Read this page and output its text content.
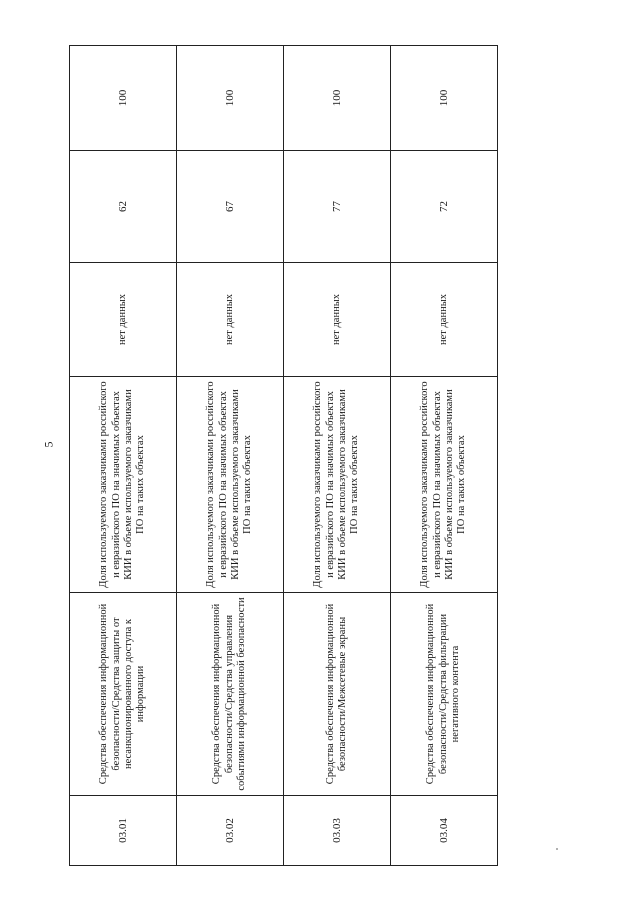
5
03.01	Средства обеспечения информационной безопасности/Средства защиты от несанкционированного доступа к информации	Доля используемого заказчиками российского и евразийского ПО на значимых объектах КИИ в объеме используемого заказчиками ПО на таких объектах	нет данных	62	100
03.02	Средства обеспечения информационной безопасности/Средства управления событиями информационной безопасности	Доля используемого заказчиками российского и евразийского ПО на значимых объектах КИИ в объеме используемого заказчиками ПО на таких объектах	нет данных	67	100
03.03	Средства обеспечения информационной безопасности/Межсетевые экраны	Доля используемого заказчиками российского и евразийского ПО на значимых объектах КИИ в объеме используемого заказчиками ПО на таких объектах	нет данных	77	100
03.04	Средства обеспечения информационной безопасности/Средства фильтрации негативного контента	Доля используемого заказчиками российского и евразийского ПО на значимых объектах КИИ в объеме используемого заказчиками ПО на таких объектах	нет данных	72	100
